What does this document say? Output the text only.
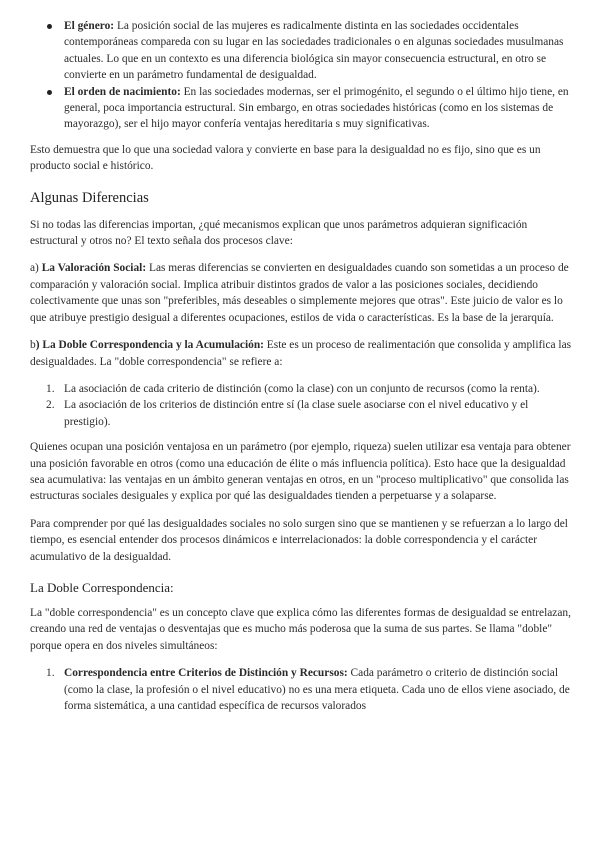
El género: La posición social de las mujeres es radicalmente distinta en las sociedades occidentales contemporáneas compareda con su lugar en las sociedades tradicionales o en algunas sociedades musulmanas actuales. Lo que en un contexto es una diferencia biológica sin mayor consecuencia estructural, en otro se convierte en un parámetro fundamental de desigualdad.
El orden de nacimiento: En las sociedades modernas, ser el primogénito, el segundo o el último hijo tiene, en general, poca importancia estructural. Sin embargo, en otras sociedades históricas (como en los sistemas de mayorazgo), ser el hijo mayor confería ventajas hereditaria s muy significativas.

Esto demuestra que lo que una sociedad valora y convierte en base para la desigualdad no es fijo, sino que es un producto social e histórico.

Algunas Diferencias

Si no todas las diferencias importan, ¿qué mecanismos explican que unos parámetros adquieran significación estructural y otros no? El texto señala dos procesos clave:

a) La Valoración Social: Las meras diferencias se convierten en desigualdades cuando son sometidas a un proceso de comparación y valoración social. Implica atribuir distintos grados de valor a las posiciones sociales, decidiendo colectivamente que unas son "preferibles, más deseables o simplemente mejores que otras". Este juicio de valor es lo que atribuye prestigio desigual a diferentes ocupaciones, estilos de vida o características. Es la base de la jerarquía.

b) La Doble Correspondencia y la Acumulación: Este es un proceso de realimentación que consolida y amplifica las desigualdades. La "doble correspondencia" se refiere a:

1. La asociación de cada criterio de distinción (como la clase) con un conjunto de recursos (como la renta).
2. La asociación de los criterios de distinción entre sí (la clase suele asociarse con el nivel educativo y el prestigio).

Quienes ocupan una posición ventajosa en un parámetro (por ejemplo, riqueza) suelen utilizar esa ventaja para obtener una posición favorable en otros (como una educación de élite o más influencia política). Esto hace que la desigualdad sea acumulativa: las ventajas en un ámbito generan ventajas en otros, en un "proceso multiplicativo" que consolida las estructuras sociales desiguales y explica por qué las desigualdades tienden a perpetuarse y a solaparse.

Para comprender por qué las desigualdades sociales no solo surgen sino que se mantienen y se refuerzan a lo largo del tiempo, es esencial entender dos procesos dinámicos e interrelacionados: la doble correspondencia y el carácter acumulativo de la desigualdad.

La Doble Correspondencia:

La "doble correspondencia" es un concepto clave que explica cómo las diferentes formas de desigualdad se entrelazan, creando una red de ventajas o desventajas que es mucho más poderosa que la suma de sus partes. Se llama "doble" porque opera en dos niveles simultáneos:

1. Correspondencia entre Criterios de Distinción y Recursos: Cada parámetro o criterio de distinción social (como la clase, la profesión o el nivel educativo) no es una mera etiqueta. Cada uno de ellos viene asociado, de forma sistemática, a una cantidad específica de recursos valorados
